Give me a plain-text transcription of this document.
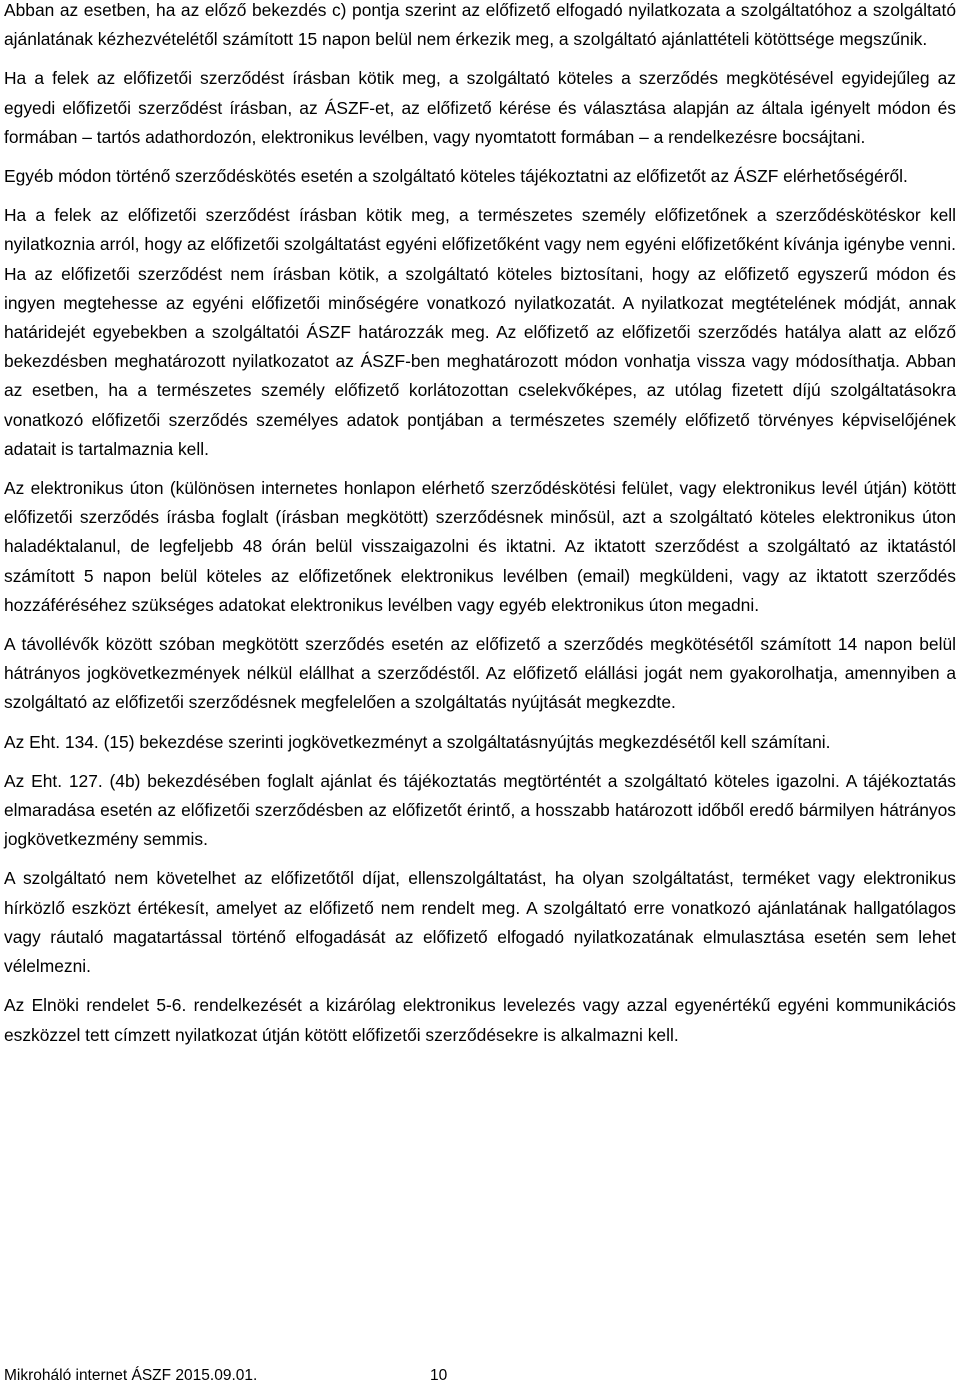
Abban az esetben, ha az előző bekezdés c) pontja szerint az előfizető elfogadó nyilatkozata a szolgáltatóhoz a szolgáltató ajánlatának kézhezvételétől számított 15 napon belül nem érkezik meg, a szolgáltató ajánlattételi kötöttsége megszűnik.

Ha a felek az előfizetői szerződést írásban kötik meg, a szolgáltató köteles a szerződés megkötésével egyidejűleg az egyedi előfizetői szerződést írásban, az ÁSZF-et, az előfizető kérése és választása alapján az általa igényelt módon és formában – tartós adathordozón, elektronikus levélben, vagy nyomtatott formában – a rendelkezésre bocsájtani.

Egyéb módon történő szerződéskötés esetén a szolgáltató köteles tájékoztatni az előfizetőt az ÁSZF elérhetőségéről.

Ha a felek az előfizetői szerződést írásban kötik meg, a természetes személy előfizetőnek a szerződéskötéskor kell nyilatkoznia arról, hogy az előfizetői szolgáltatást egyéni előfizetőként vagy nem egyéni előfizetőként kívánja igénybe venni. Ha az előfizetői szerződést nem írásban kötik, a szolgáltató köteles biztosítani, hogy az előfizető egyszerű módon és ingyen megtehesse az egyéni előfizetői minőségére vonatkozó nyilatkozatát. A nyilatkozat megtételének módját, annak határidejét egyebekben a szolgáltatói ÁSZF határozzák meg. Az előfizető az előfizetői szerződés hatálya alatt az előző bekezdésben meghatározott nyilatkozatot az ÁSZF-ben meghatározott módon vonhatja vissza vagy módosíthatja. Abban az esetben, ha a természetes személy előfizető korlátozottan cselekvőképes, az utólag fizetett díjú szolgáltatásokra vonatkozó előfizetői szerződés személyes adatok pontjában a természetes személy előfizető törvényes képviselőjének adatait is tartalmaznia kell.

Az elektronikus úton (különösen internetes honlapon elérhető szerződéskötési felület, vagy elektronikus levél útján) kötött előfizetői szerződés írásba foglalt (írásban megkötött) szerződésnek minősül, azt a szolgáltató köteles elektronikus úton haladéktalanul, de legfeljebb 48 órán belül visszaigazolni és iktatni. Az iktatott szerződést a szolgáltató az iktatástól számított 5 napon belül köteles az előfizetőnek elektronikus levélben (email) megküldeni, vagy az iktatott szerződés hozzáféréséhez szükséges adatokat elektronikus levélben vagy egyéb elektronikus úton megadni.

A távollévők között szóban megkötött szerződés esetén az előfizető a szerződés megkötésétől számított 14 napon belül hátrányos jogkövetkezmények nélkül elállhat a szerződéstől. Az előfizető elállási jogát nem gyakorolhatja, amennyiben a szolgáltató az előfizetői szerződésnek megfelelően a szolgáltatás nyújtását megkezdte.

Az Eht. 134. (15) bekezdése szerinti jogkövetkezményt a szolgáltatásnyújtás megkezdésétől kell számítani.

Az Eht. 127. (4b) bekezdésében foglalt ajánlat és tájékoztatás megtörténtét a szolgáltató köteles igazolni. A tájékoztatás elmaradása esetén az előfizetői szerződésben az előfizetőt érintő, a hosszabb határozott időből eredő bármilyen hátrányos jogkövetkezmény semmis.

A szolgáltató nem követelhet az előfizetőtől díjat, ellenszolgáltatást, ha olyan szolgáltatást, terméket vagy elektronikus hírközlő eszközt értékesít, amelyet az előfizető nem rendelt meg. A szolgáltató erre vonatkozó ajánlatának hallgatólagos vagy ráutaló magatartással történő elfogadását az előfizető elfogadó nyilatkozatának elmulasztása esetén sem lehet vélelmezni.

Az Elnöki rendelet 5-6. rendelkezését a kizárólag elektronikus levelezés vagy azzal egyenértékű egyéni kommunikációs eszközzel tett címzett nyilatkozat útján kötött előfizetői szerződésekre is alkalmazni kell.

Mikroháló internet ÁSZF 2015.09.01.	10
